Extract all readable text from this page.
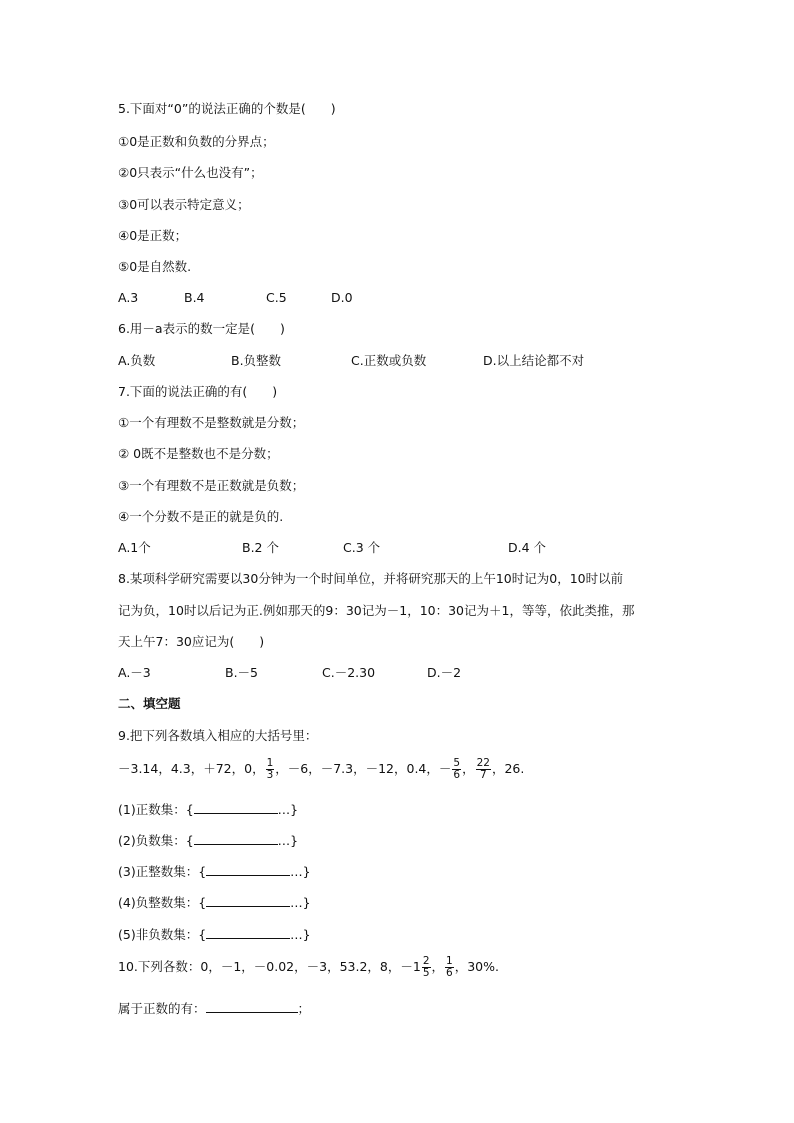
5.下面对“0”的说法正确的个数是(　　)
①0是正数和负数的分界点；
②0只表示“什么也没有”；
③0可以表示特定意义；
④0是正数；
⑤0是自然数.
A.3	B.4	C.5	D.0
6.用－a表示的数一定是(　　)
A.负数	B.负整数	C.正数或负数	D.以上结论都不对
7.下面的说法正确的有(　　)
①一个有理数不是整数就是分数；
② 0既不是整数也不是分数；
③一个有理数不是正数就是负数；
④一个分数不是正的就是负的.
A.1个	B.2 个	C.3 个	D.4 个
8.某项科学研究需要以30分钟为一个时间单位，并将研究那天的上午10时记为0，10时以前
记为负，10时以后记为正.例如那天的9：30记为－1，10：30记为＋1，等等，依此类推，那
天上午7：30应记为(　　)
A.－3	B.－5	C.－2.30	D.－2
二、填空题
9.把下列各数填入相应的大括号里：
－3.14，4.3，＋72，0， $\frac{1}{3}$ ，－6，－7.3，－12，0.4，－ $\frac{5}{6}$ ， $\frac{22}{7}$ ，26.
(1)正数集：{	…}
(2)负数集：{	…}
(3)正整数集：{	…}
(4)负整数集：{	…}
(5)非负数集：{	…}
10.下列各数：0，－1，－0.02，－3，53.2，8，$-1 \frac{2}{5}$ ， $\frac{1}{6}$ ，30%.
属于正数的有：	；
